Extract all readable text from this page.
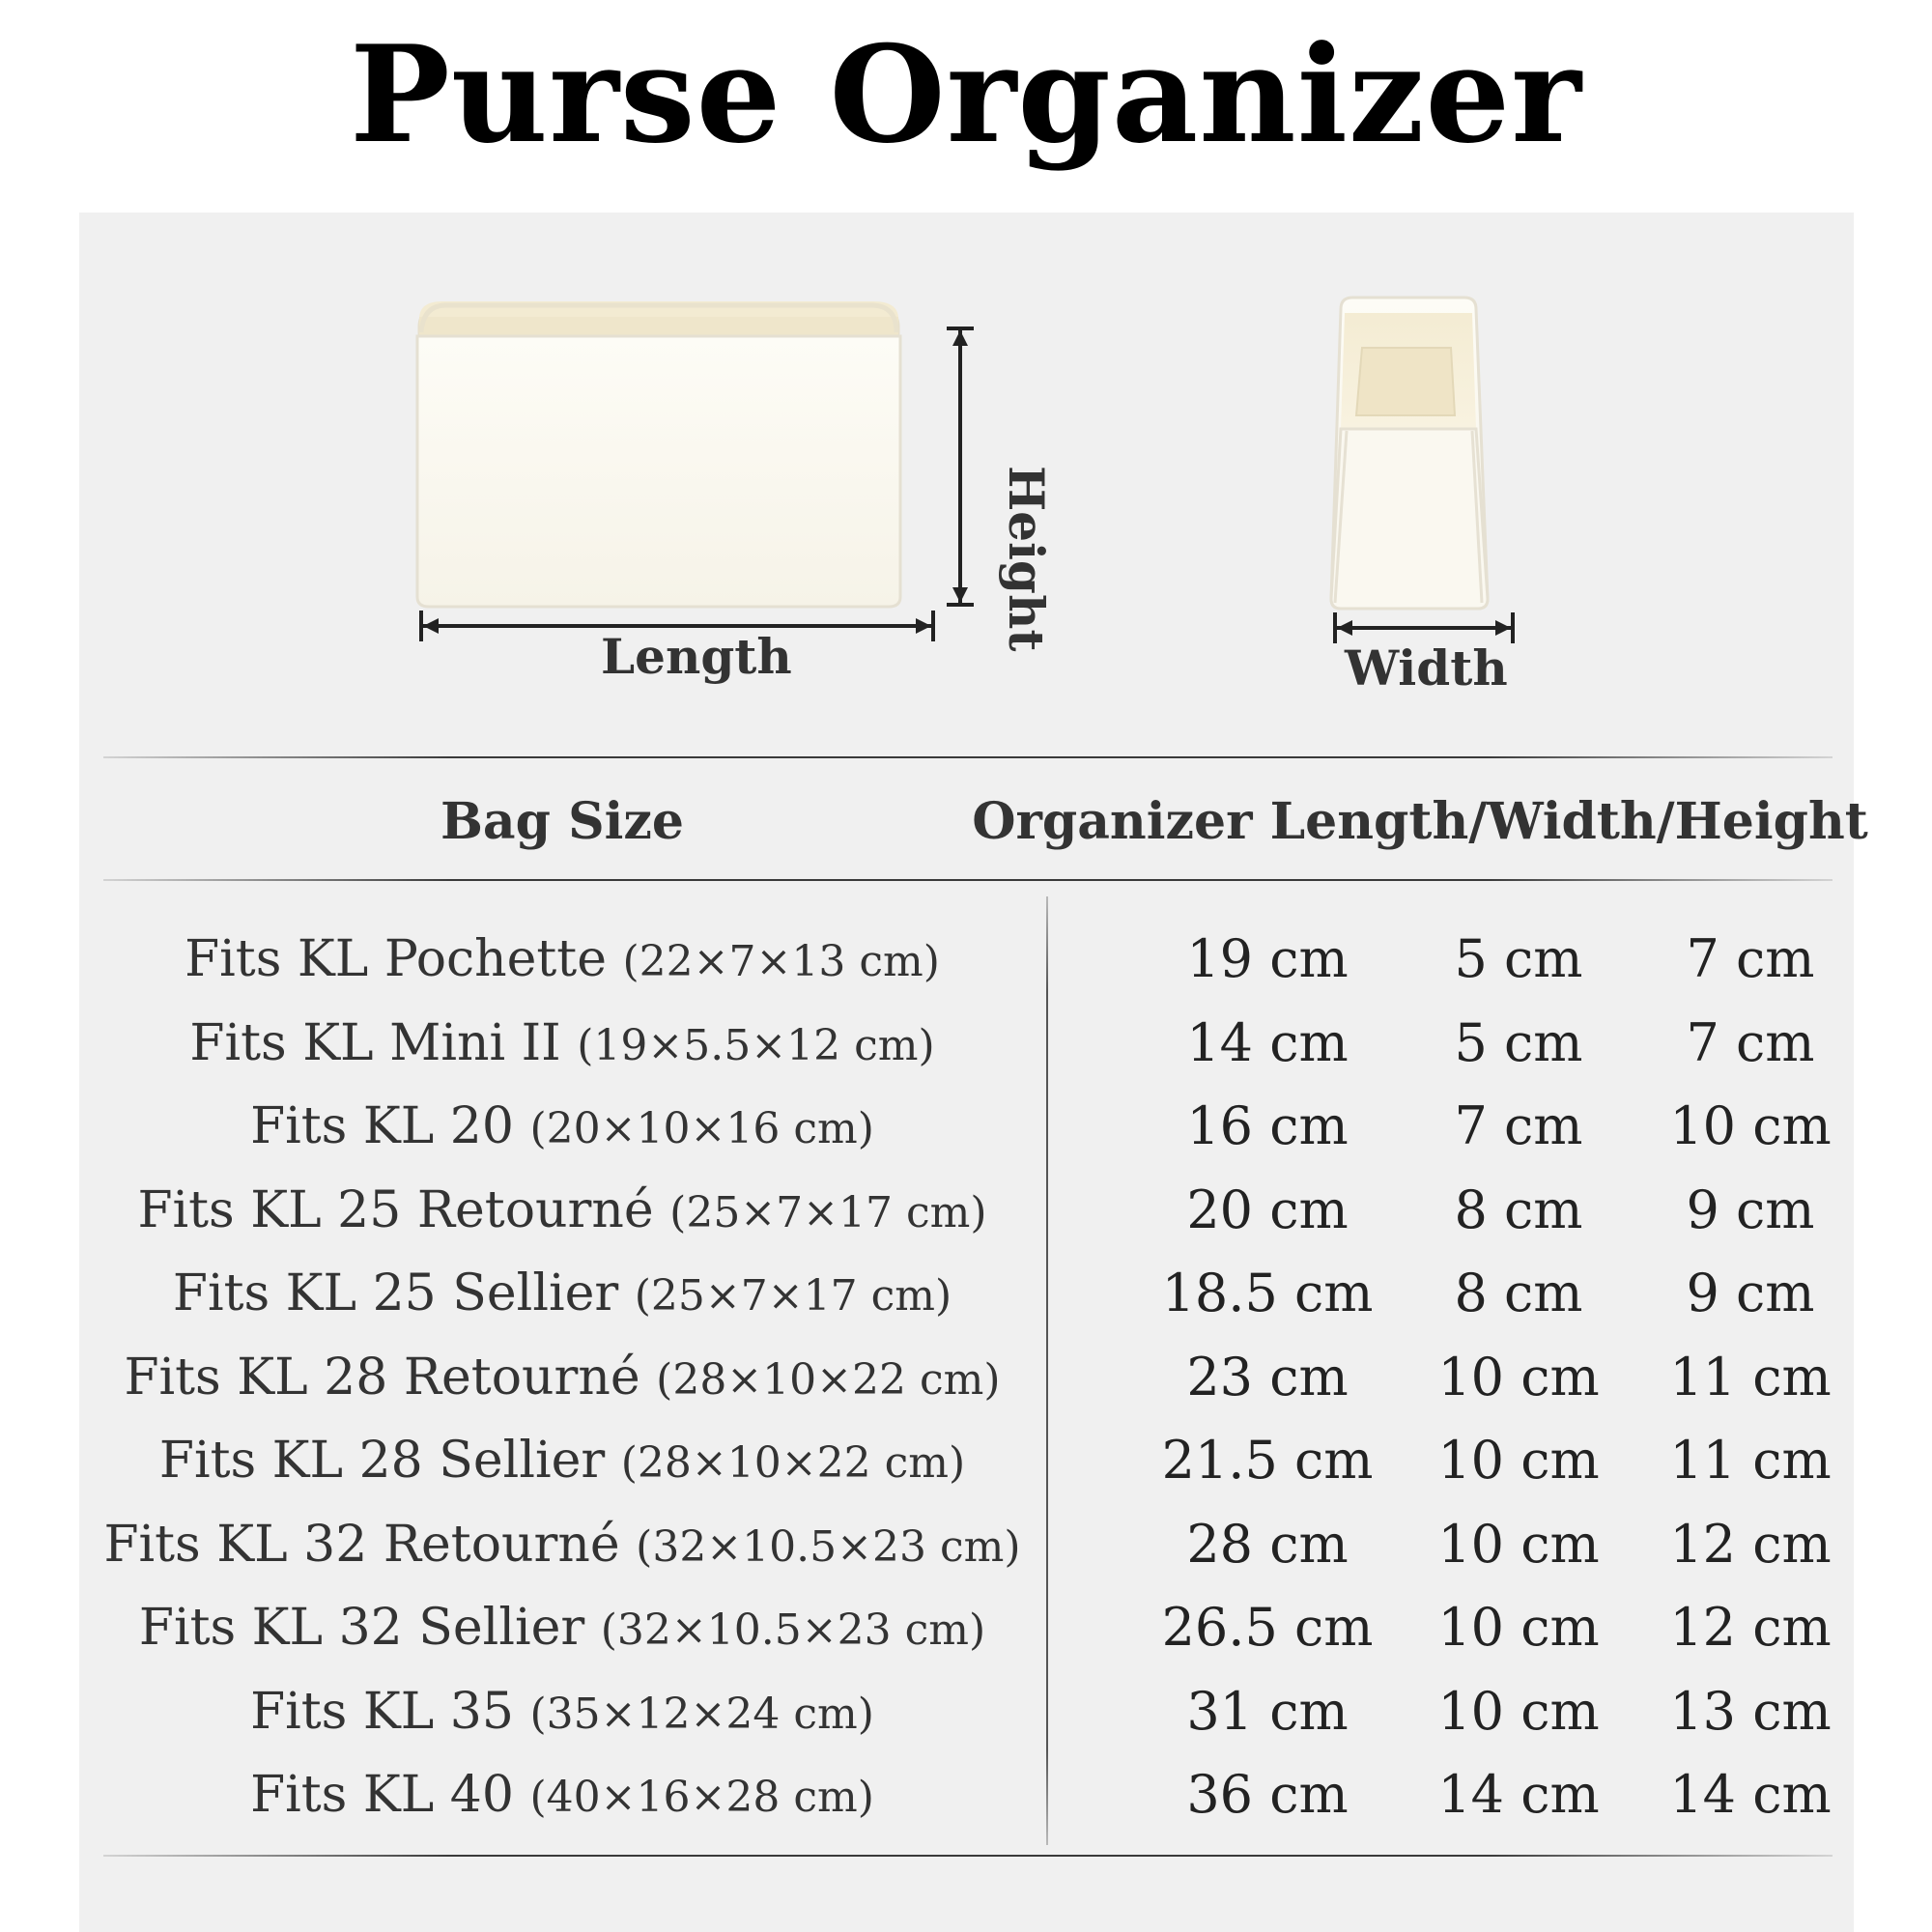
Purse Organizer
Length	Width
Height
Bag Size	Organizer Length/Width/Height
Fits KL Pochette (22×7×13 cm)	19 cm	5 cm	7 cm
Fits KL Mini II (19×5.5×12 cm)	14 cm	5 cm	7 cm
Fits KL 20 (20×10×16 cm)	16 cm	7 cm	10 cm
Fits KL 25 Retourné (25×7×17 cm)	20 cm	8 cm	9 cm
Fits KL 25 Sellier (25×7×17 cm)	18.5 cm	8 cm	9 cm
Fits KL 28 Retourné (28×10×22 cm)	23 cm	10 cm	11 cm
Fits KL 28 Sellier (28×10×22 cm)	21.5 cm	10 cm	11 cm
Fits KL 32 Retourné (32×10.5×23 cm)	28 cm	10 cm	12 cm
Fits KL 32 Sellier (32×10.5×23 cm)	26.5 cm	10 cm	12 cm
Fits KL 35 (35×12×24 cm)	31 cm	10 cm	13 cm
Fits KL 40 (40×16×28 cm)	36 cm	14 cm	14 cm
